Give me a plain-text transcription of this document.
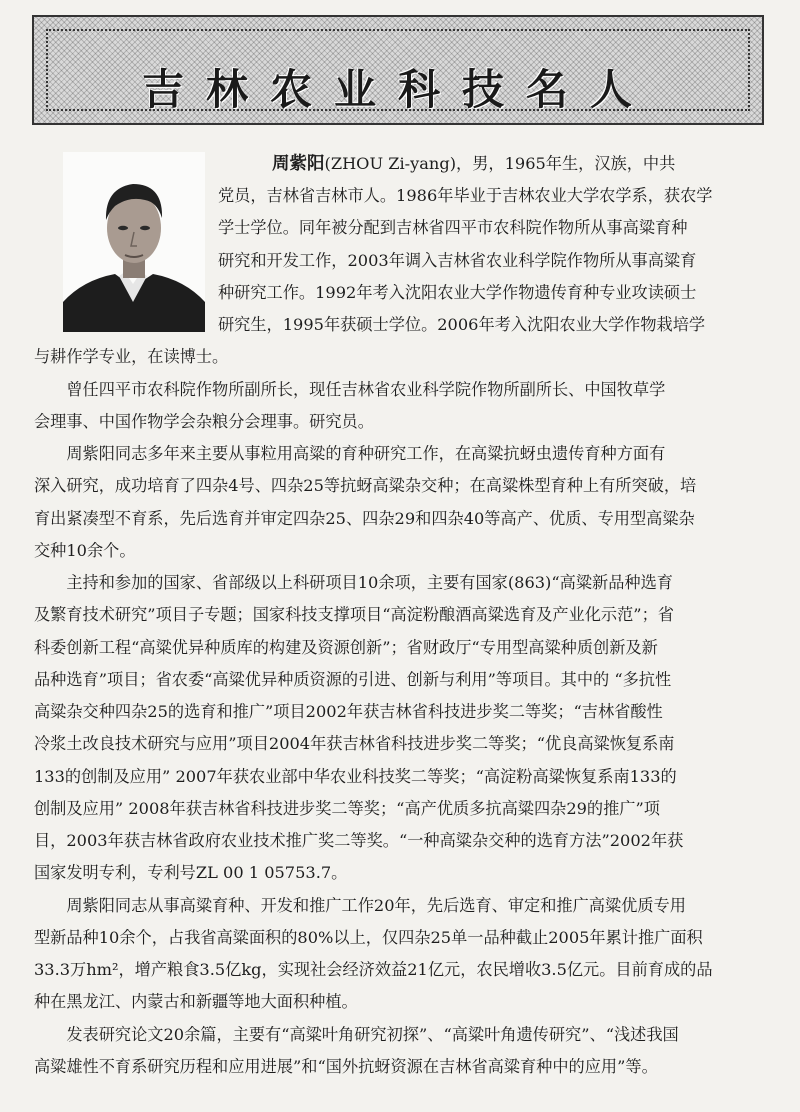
吉林农业科技名人
周紫阳(ZHOU Zi-yang)，男，1965年生，汉族，中共
党员，吉林省吉林市人。1986年毕业于吉林农业大学农学系，获农学
学士学位。同年被分配到吉林省四平市农科院作物所从事高粱育种
研究和开发工作，2003年调入吉林省农业科学院作物所从事高粱育
种研究工作。1992年考入沈阳农业大学作物遗传育种专业攻读硕士
研究生，1995年获硕士学位。2006年考入沈阳农业大学作物栽培学
与耕作学专业，在读博士。
　　曾任四平市农科院作物所副所长，现任吉林省农业科学院作物所副所长、中国牧草学
会理事、中国作物学会杂粮分会理事。研究员。
　　周紫阳同志多年来主要从事粒用高粱的育种研究工作，在高粱抗蚜虫遗传育种方面有
深入研究，成功培育了四杂4号、四杂25等抗蚜高粱杂交种；在高粱株型育种上有所突破，培
育出紧凑型不育系，先后选育并审定四杂25、四杂29和四杂40等高产、优质、专用型高粱杂
交种10余个。
　　主持和参加的国家、省部级以上科研项目10余项，主要有国家(863)“高粱新品种选育
及繁育技术研究”项目子专题；国家科技支撑项目“高淀粉酿酒高粱选育及产业化示范”；省
科委创新工程“高粱优异种质库的构建及资源创新”；省财政厅“专用型高粱种质创新及新
品种选育”项目；省农委“高粱优异种质资源的引进、创新与利用”等项目。其中的 “多抗性
高粱杂交种四杂25的选育和推广”项目2002年获吉林省科技进步奖二等奖；“吉林省酸性
冷浆土改良技术研究与应用”项目2004年获吉林省科技进步奖二等奖；“优良高粱恢复系南
133的创制及应用” 2007年获农业部中华农业科技奖二等奖；“高淀粉高粱恢复系南133的
创制及应用” 2008年获吉林省科技进步奖二等奖；“高产优质多抗高粱四杂29的推广”项
目，2003年获吉林省政府农业技术推广奖二等奖。“一种高粱杂交种的选育方法”2002年获
国家发明专利，专利号ZL 00 1 05753.7。
　　周紫阳同志从事高粱育种、开发和推广工作20年，先后选育、审定和推广高粱优质专用
型新品种10余个，占我省高粱面积的80%以上，仅四杂25单一品种截止2005年累计推广面积
33.3万hm²，增产粮食3.5亿kg，实现社会经济效益21亿元，农民增收3.5亿元。目前育成的品
种在黑龙江、内蒙古和新疆等地大面积种植。
　　发表研究论文20余篇，主要有“高粱叶角研究初探”、“高粱叶角遗传研究”、“浅述我国
高粱雄性不育系研究历程和应用进展”和“国外抗蚜资源在吉林省高粱育种中的应用”等。
